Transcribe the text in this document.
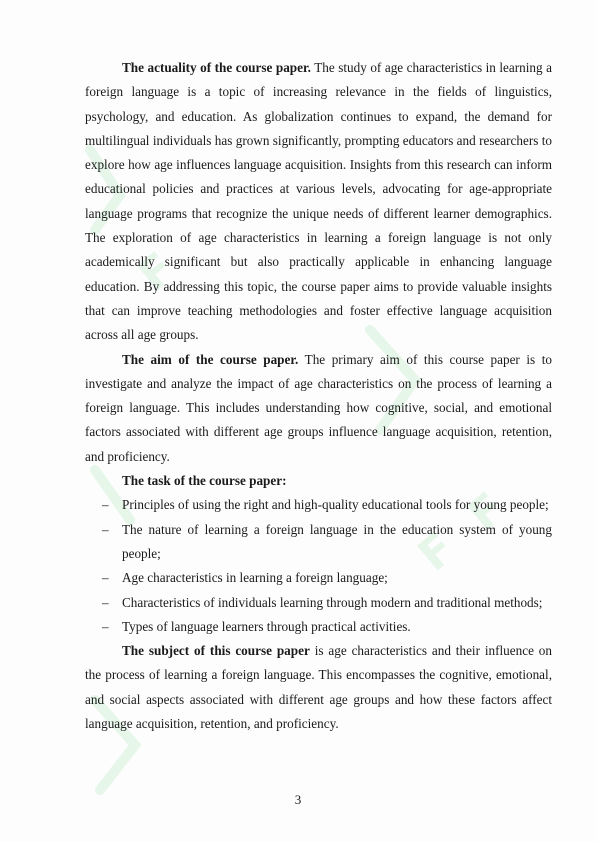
F
F
F

The actuality of the course paper. The study of age characteristics in learning a foreign language is a topic of increasing relevance in the fields of linguistics, psychology, and education. As globalization continues to expand, the demand for multilingual individuals has grown significantly, prompting educators and researchers to explore how age influences language acquisition. Insights from this research can inform educational policies and practices at various levels, advocating for age-appropriate language programs that recognize the unique needs of different learner demographics. The exploration of age characteristics in learning a foreign language is not only academically significant but also practically applicable in enhancing language education. By addressing this topic, the course paper aims to provide valuable insights that can improve teaching methodologies and foster effective language acquisition across all age groups.

The aim of the course paper. The primary aim of this course paper is to investigate and analyze the impact of age characteristics on the process of learning a foreign language. This includes understanding how cognitive, social, and emotional factors associated with different age groups influence language acquisition, retention, and proficiency.

The task of the course paper:

– Principles of using the right and high-quality educational tools for young people;
– The nature of learning a foreign language in the education system of young people;
– Age characteristics in learning a foreign language;
– Characteristics of individuals learning through modern and traditional methods;
– Types of language learners through practical activities.

The subject of this course paper is age characteristics and their influence on the process of learning a foreign language. This encompasses the cognitive, emotional, and social aspects associated with different age groups and how these factors affect language acquisition, retention, and proficiency.

3
